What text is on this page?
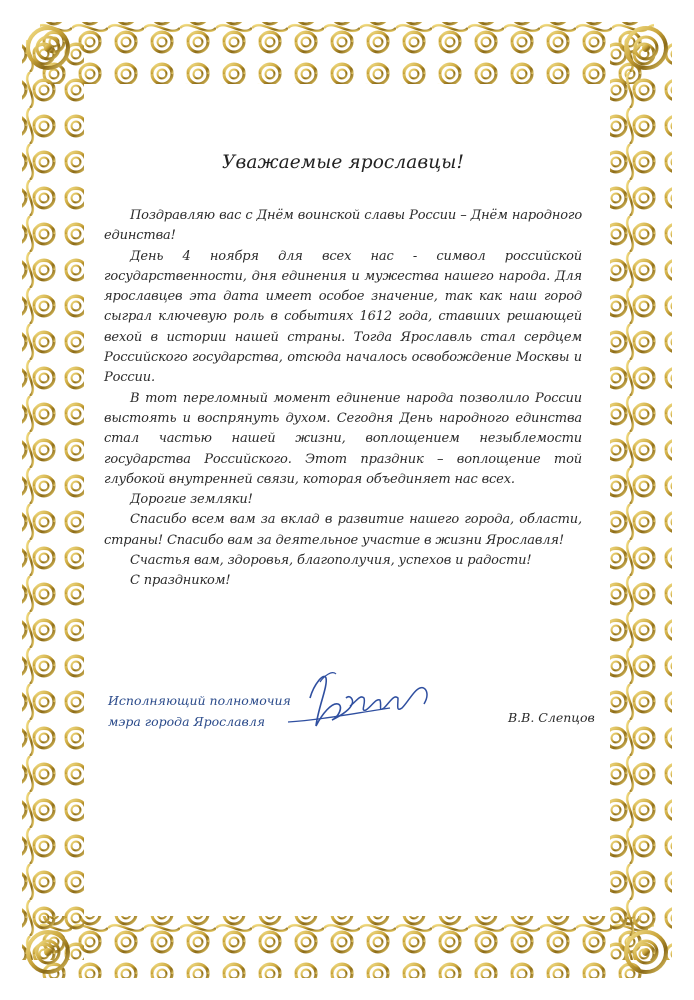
Уважаемые ярославцы!

Поздравляю вас с Днём воинской славы России – Днём народного единства!

День 4 ноября для всех нас - символ российской государственности, дня единения и мужества нашего народа. Для ярославцев эта дата имеет особое значение, так как наш город сыграл ключевую роль в событиях 1612 года, ставших решающей вехой в истории нашей страны. Тогда Ярославль стал сердцем Российского государства, отсюда началось освобождение Москвы и России.

В тот переломный момент единение народа позволило России выстоять и воспрянуть духом. Сегодня День народного единства стал частью нашей жизни, воплощением незыблемости государства Российского. Этот праздник – воплощение той глубокой внутренней связи, которая объединяет нас всех.

Дорогие земляки!

Спасибо всем вам за вклад в развитие нашего города, области, страны! Спасибо вам за деятельное участие в жизни Ярославля!

Счастья вам, здоровья, благополучия, успехов и радости!

С праздником!

Исполняющий полномочия
мэра города Ярославля	В.В. Слепцов
